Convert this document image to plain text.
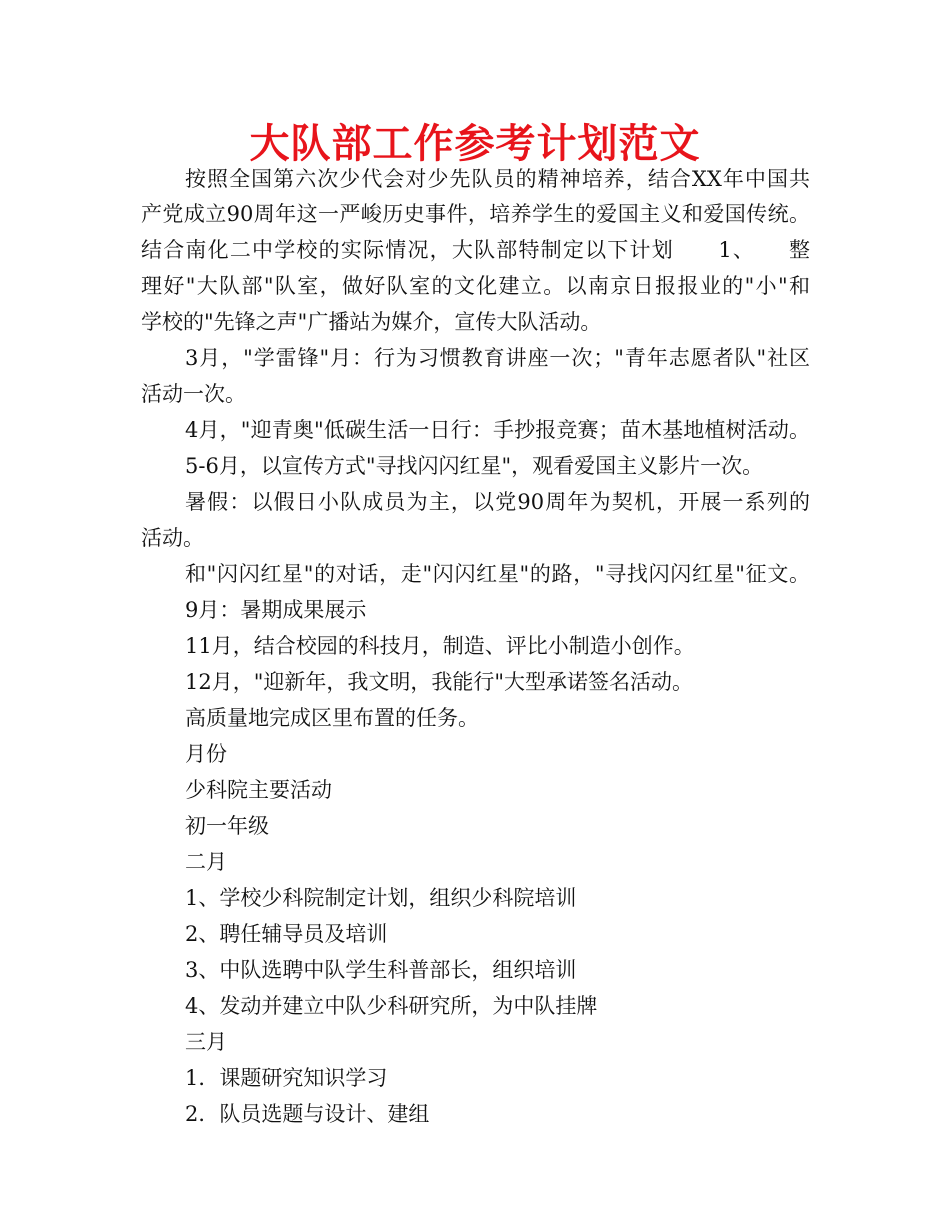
大队部工作参考计划范文
按照全国第六次少代会对少先队员的精神培养，结合XX年中国共
产党成立90周年这一严峻历史事件，培养学生的爱国主义和爱国传统。
结合南化二中学校的实际情况，大队部特制定以下计划　　1、　　整
理好"大队部"队室，做好队室的文化建立。以南京日报报业的"小"和
学校的"先锋之声"广播站为媒介，宣传大队活动。
3月，"学雷锋"月：行为习惯教育讲座一次；"青年志愿者队"社区
活动一次。
4月，"迎青奥"低碳生活一日行：手抄报竞赛；苗木基地植树活动。
5-6月，以宣传方式"寻找闪闪红星"，观看爱国主义影片一次。
暑假：以假日小队成员为主，以党90周年为契机，开展一系列的
活动。
和"闪闪红星"的对话，走"闪闪红星"的路，"寻找闪闪红星"征文。
9月：暑期成果展示
11月，结合校园的科技月，制造、评比小制造小创作。
12月，"迎新年，我文明，我能行"大型承诺签名活动。
高质量地完成区里布置的任务。
月份
少科院主要活动
初一年级
二月
1、学校少科院制定计划，组织少科院培训
2、聘任辅导员及培训
3、中队选聘中队学生科普部长，组织培训
4、发动并建立中队少科研究所，为中队挂牌
三月
1．课题研究知识学习
2．队员选题与设计、建组
